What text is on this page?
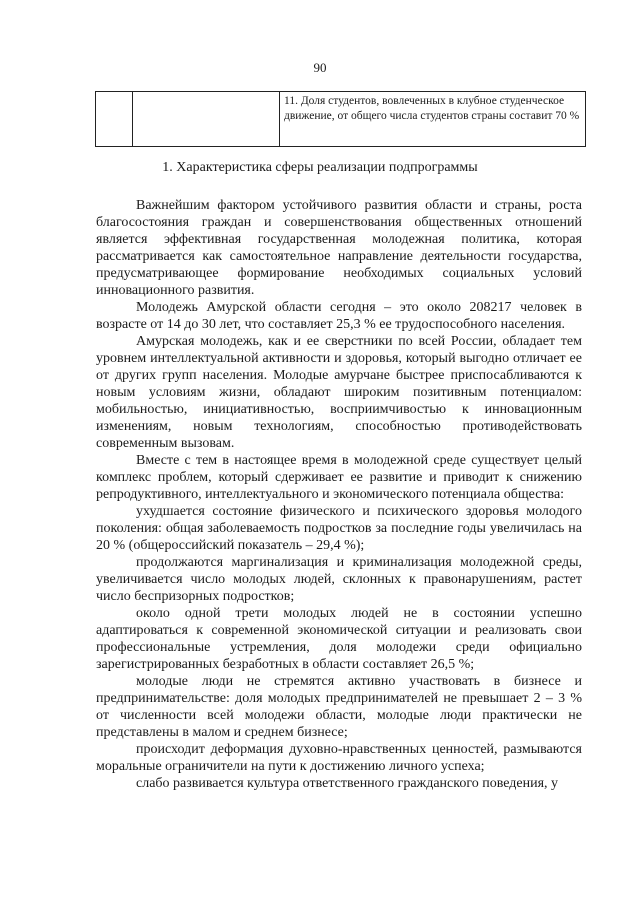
90

11. Доля студентов, вовлеченных в клубное студенческое движение, от общего числа студентов страны составит 70 %
1. Характеристика сферы реализации подпрограммы

Важнейшим фактором устойчивого развития области и страны, роста благосостояния граждан и совершенствования общественных отношений является эффективная государственная молодежная политика, которая рассматривается как самостоятельное направление деятельности государства, предусматривающее формирование необходимых социальных условий инновационного развития.

Молодежь Амурской области сегодня – это около 208217 человек в возрасте от 14 до 30 лет, что составляет 25,3 % ее трудоспособного населения.

Амурская молодежь, как и ее сверстники по всей России, обладает тем уровнем интеллектуальной активности и здоровья, который выгодно отличает ее от других групп населения. Молодые амурчане быстрее приспосабливаются к новым условиям жизни, обладают широким позитивным потенциалом: мобильностью, инициативностью, восприимчивостью к инновационным изменениям, новым технологиям, способностью противодействовать современным вызовам.

Вместе с тем в настоящее время в молодежной среде существует целый комплекс проблем, который сдерживает ее развитие и приводит к снижению репродуктивного, интеллектуального и экономического потенциала общества:

ухудшается состояние физического и психического здоровья молодого поколения: общая заболеваемость подростков за последние годы увеличилась на 20 % (общероссийский показатель – 29,4 %);

продолжаются маргинализация и криминализация молодежной среды, увеличивается число молодых людей, склонных к правонарушениям, растет число беспризорных подростков;

около одной трети молодых людей не в состоянии успешно адаптироваться к современной экономической ситуации и реализовать свои профессиональные устремления, доля молодежи среди официально зарегистрированных безработных в области составляет 26,5 %;

молодые люди не стремятся активно участвовать в бизнесе и предпринимательстве: доля молодых предпринимателей не превышает 2 – 3 % от численности всей молодежи области, молодые люди практически не представлены в малом и среднем бизнесе;

происходит деформация духовно-нравственных ценностей, размываются моральные ограничители на пути к достижению личного успеха;

слабо развивается культура ответственного гражданского поведения, у
